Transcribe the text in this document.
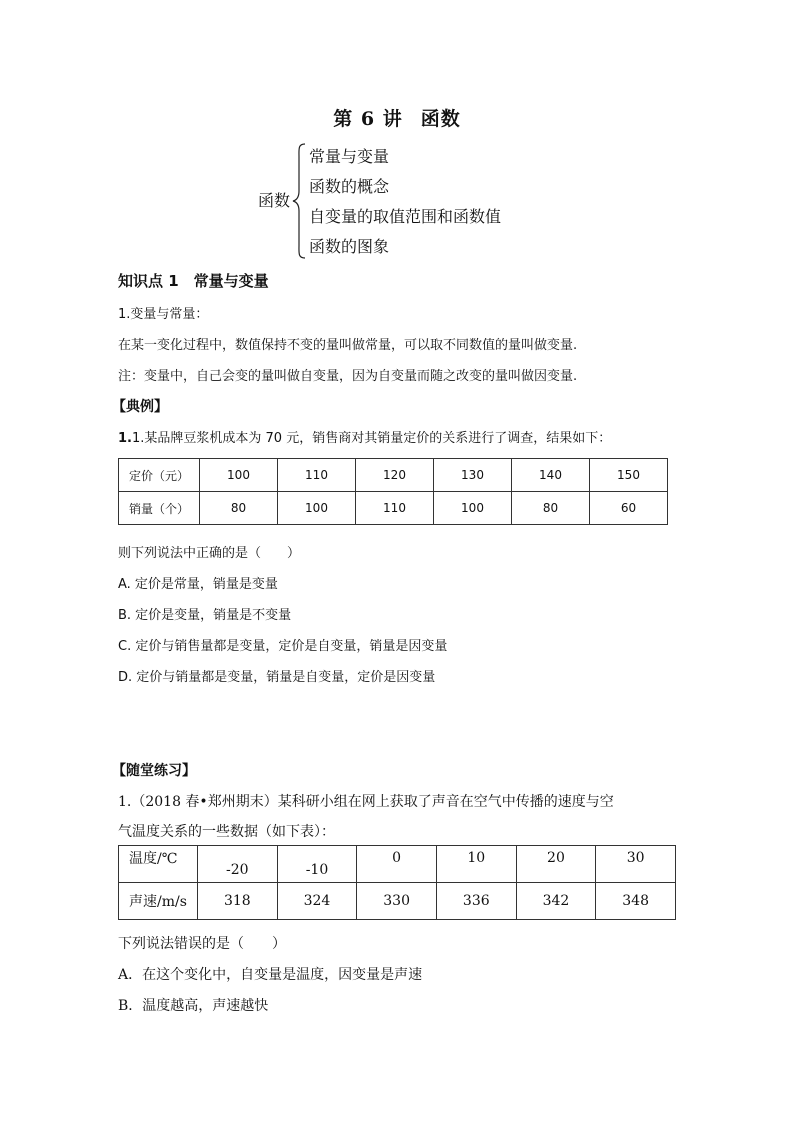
第 6 讲 函数
函数
常量与变量
函数的概念
自变量的取值范围和函数值
函数的图象
知识点 1　常量与变量
1.变量与常量：
在某一变化过程中，数值保持不变的量叫做常量，可以取不同数值的量叫做变量.
注：变量中，自己会变的量叫做自变量，因为自变量而随之改变的量叫做因变量.
【典例】
1.1.某品牌豆浆机成本为 70 元，销售商对其销量定价的关系进行了调查，结果如下：
定价（元）	100	110	120	130	140	150
销量（个）	80	100	110	100	80	60
则下列说法中正确的是（　　）
A. 定价是常量，销量是变量
B. 定价是变量，销量是不变量
C. 定价与销售量都是变量，定价是自变量，销量是因变量
D. 定价与销量都是变量，销量是自变量，定价是因变量
【随堂练习】
1.（2018 春•郑州期末）某科研小组在网上获取了声音在空气中传播的速度与空
气温度关系的一些数据（如下表）：
温度/℃	-20	-10	0	10	20	30
声速/m/s	318	324	330	336	342	348
下列说法错误的是（　　）
A．在这个变化中，自变量是温度，因变量是声速
B．温度越高，声速越快
